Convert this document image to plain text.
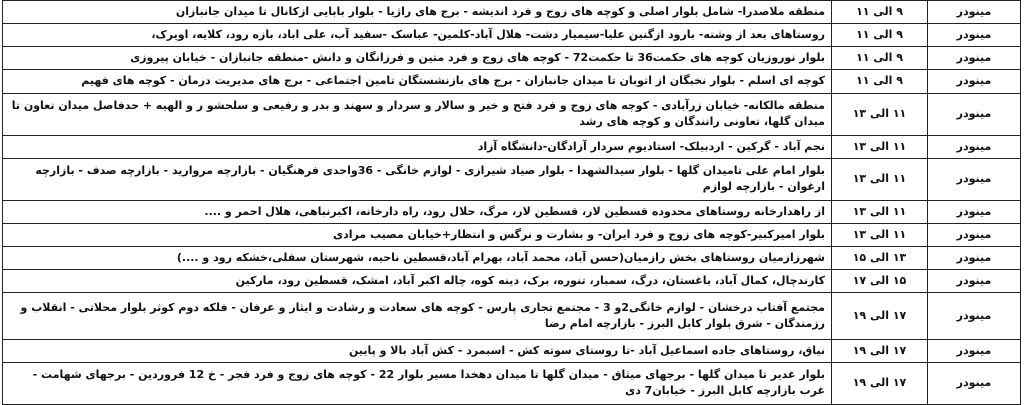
مینودر	۹ الی ۱۱	منطقه ملاصدرا- شامل بلوار اصلی و کوچه های زوج و فرد اندیشه - برج های راژیا - بلوار بابایی ازکانال تا میدان جانبازان
مینودر	۹ الی ۱۱	روستاهای بعد از وشته- بارود ازگنین علیا-سیمیار دشت- هلال آباد-کلمین- عباسک -سفید آب، علی اباد، بازه رود، کلایه، اویرک،
مینودر	۹ الی ۱۱	بلوار نوروزیان کوچه های حکمت36 تا حکمت72 - کوچه های زوج و فرد متین و فرزانگان و دانش -منطقه جانبازان - خیابان پیروزی
مینودر	۹ الی ۱۱	کوچه ای اسلم - بلوار نخبگان از اتوبان تا میدان جانبازان - برج های بازنشستگان تامین اجتماعی - برج های مدیریت درمان - کوچه های فهیم
مینودر	۱۱ الی ۱۳	منطقه مالکانه- خیابان زرآبادی - کوچه های زوج و فرد فتح و خیر و سالار و سردار و سهند و بدر و رفیعی و سلحشو ر و الهیه + حدفاصل میدان تعاون تا میدان گلها، تعاونی رانندگان و کوچه های رشد
مینودر	۱۱ الی ۱۳	نجم آباد - گرکین - اردبیلک- استادیوم سردار آزادگان-دانشگاه آزاد
مینودر	۱۱ الی ۱۳	بلوار امام علی تامیدان گلها - بلوار سیدالشهدا - بلوار صیاد شیرازی - لوازم خانگی - 36واحدی فرهنگیان - بازارچه مروارید - بازارچه صدف - بازارچه ارغوان - بازارچه لوازم
مینودر	۱۱ الی ۱۳	از راهدارخانه روستاهای محدوده قسطین لار، قسطین لار، مرگ، حلال رود، راه دارخانه، اکبرنباهی، هلال احمر و ....
مینودر	۱۱ الی ۱۳	بلوار امیرکبیر-کوچه های زوج و فرد ایران- و بشارت و نرگس و انتظار+خیابان مصیب مرادی
مینودر	۱۳ الی ۱۵	شهرزازمیان روستاهای بخش رازمیان(حسن آباد، محمد آباد، بهرام آباد،قسطین ناحیه، شهرستان سفلی،خشکه رود و ....)
مینودر	۱۵ الی ۱۷	کارندچال، کمال آباد، باغستان، درگ، سمبار، تنوره، برک، دینه کوه، چاله اکبر آباد، امشک، قسطین رود، مارکین
مینودر	۱۷ الی ۱۹	مجتمع آفتاب درخشان - لوازم خانگی2و 3 - مجتمع تجاری پارس - کوچه های سعادت و رشادت و ایثار و عرفان - فلکه دوم کوثر بلوار محلاتی - انقلاب و رزمندگان - شرق بلوار کابل البرز - بازارچه امام رضا
مینودر	۱۷ الی ۱۹	نیاق، روستاهای جاده اسماعیل آباد -تا روستای سوته کش - اسبمرد - کش آباد بالا و پایین
مینودر	۱۷ الی ۱۹	بلوار غدیر تا میدان گلها - برجهای میثاق - میدان گلها تا میدان دهخدا مسیر بلوار 22 - کوچه های زوج و فرد فجر - خ 12 فروردین - برجهای شهامت - غرب بازارچه کابل البرز - خیابان7 دی
